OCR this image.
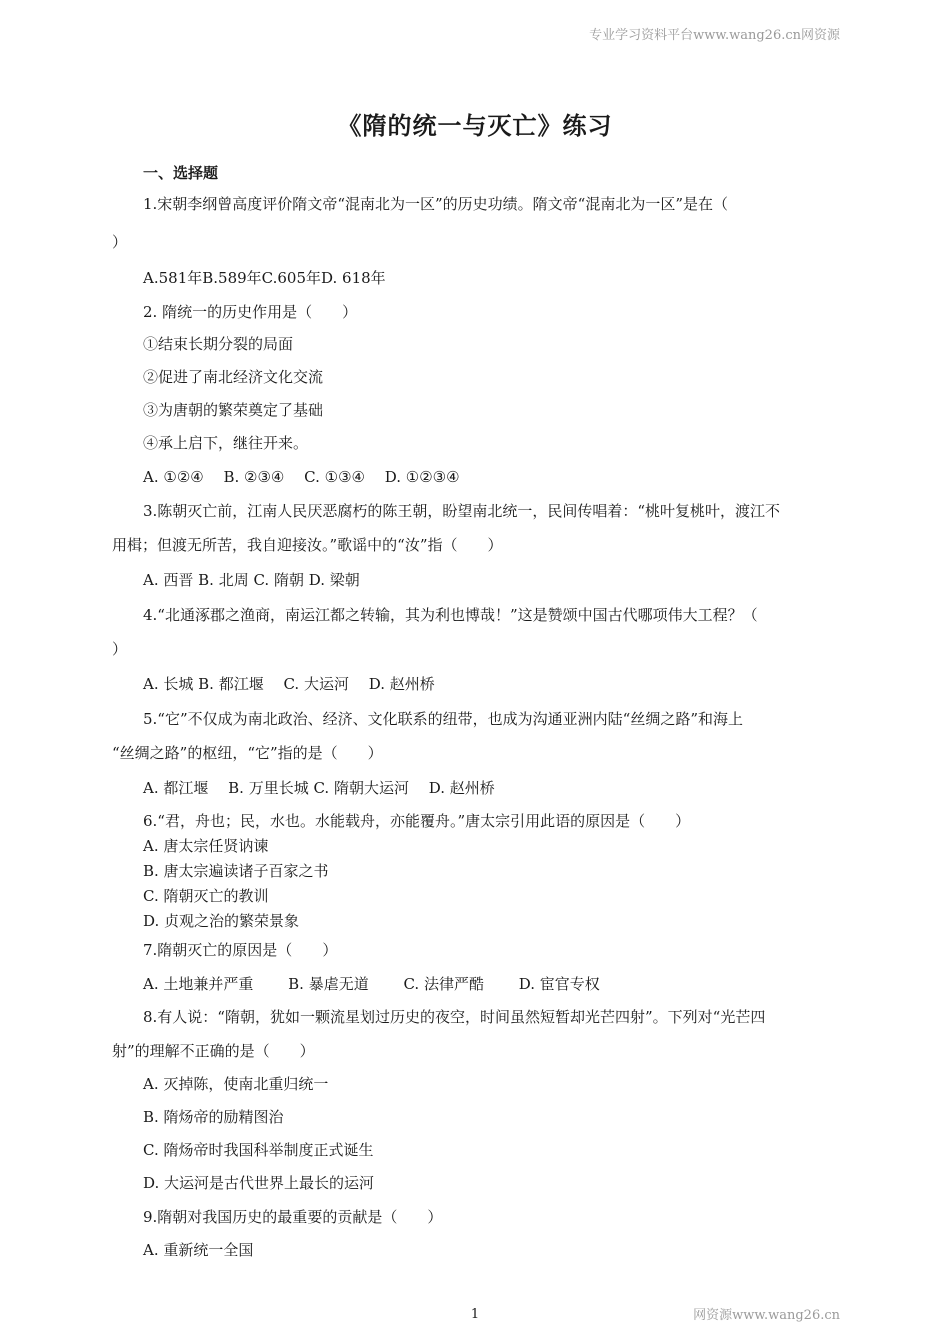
专业学习资料平台www.wang26.cn网资源
《隋的统一与灭亡》练习
一、选择题
1.宋朝李纲曾高度评价隋文帝“混南北为一区”的历史功绩。隋文帝“混南北为一区”是在（
）
A.581年B.589年C.605年D. 618年
2. 隋统一的历史作用是（　　）
①结束长期分裂的局面
②促进了南北经济文化交流
③为唐朝的繁荣奠定了基础
④承上启下，继往开来。
A. ①②④　 B. ②③④　 C. ①③④　 D. ①②③④
3.陈朝灭亡前，江南人民厌恶腐朽的陈王朝，盼望南北统一，民间传唱着：“桃叶复桃叶，渡江不
用楫；但渡无所苦，我自迎接汝。”歌谣中的“汝”指（　　）
A. 西晋 B. 北周 C. 隋朝 D. 梁朝
4.“北通涿郡之渔商，南运江都之转输，其为利也博哉！”这是赞颂中国古代哪项伟大工程？（
）
A. 长城 B. 都江堰　 C. 大运河　 D. 赵州桥
5.“它”不仅成为南北政治、经济、文化联系的纽带，也成为沟通亚洲内陆“丝绸之路”和海上
“丝绸之路”的枢纽，“它”指的是（　　）
A. 都江堰　 B. 万里长城 C. 隋朝大运河　 D. 赵州桥
6.“君，舟也；民，水也。水能载舟，亦能覆舟。”唐太宗引用此语的原因是（　　）
A. 唐太宗任贤讷谏
B. 唐太宗遍读诸子百家之书
C. 隋朝灭亡的教训
D. 贞观之治的繁荣景象
7.隋朝灭亡的原因是（　　）
A. 土地兼并严重　　 B. 暴虐无道　　 C. 法律严酷　　 D. 宦官专权
8.有人说：“隋朝，犹如一颗流星划过历史的夜空，时间虽然短暂却光芒四射”。下列对“光芒四
射”的理解不正确的是（　　）
A. 灭掉陈，使南北重归统一
B. 隋炀帝的励精图治
C. 隋炀帝时我国科举制度正式诞生
D. 大运河是古代世界上最长的运河
9.隋朝对我国历史的最重要的贡献是（　　）
A. 重新统一全国
1	网资源www.wang26.cn
